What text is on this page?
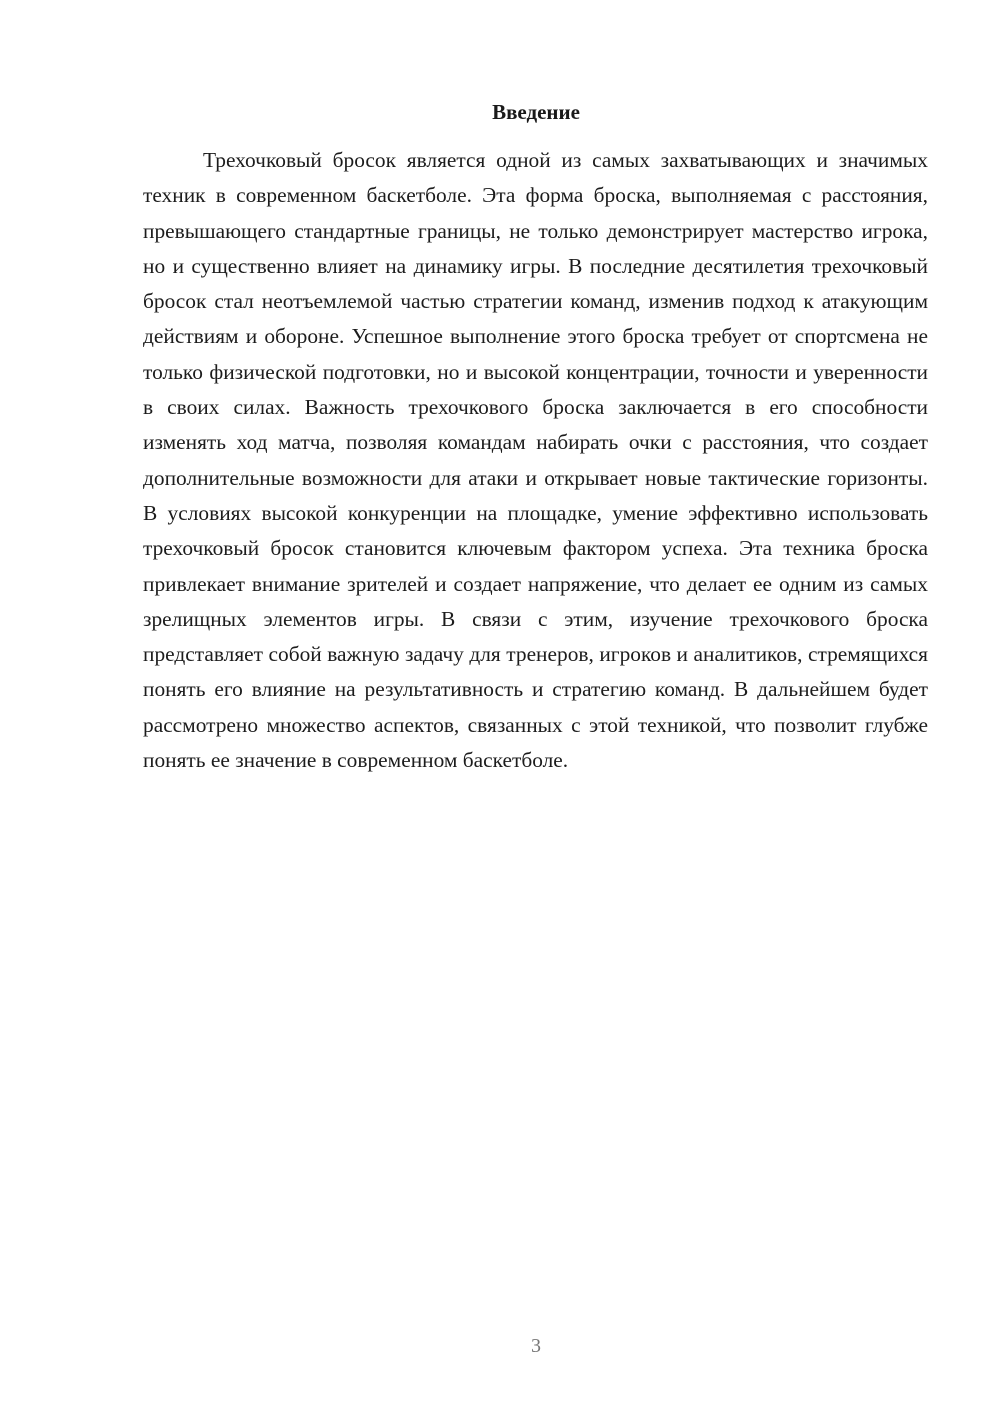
Введение

Трехочковый бросок является одной из самых захватывающих и значимых техник в современном баскетболе. Эта форма броска, выполняемая с расстояния, превышающего стандартные границы, не только демонстрирует мастерство игрока, но и существенно влияет на динамику игры. В последние десятилетия трехочковый бросок стал неотъемлемой частью стратегии команд, изменив подход к атакующим действиям и обороне. Успешное выполнение этого броска требует от спортсмена не только физической подготовки, но и высокой концентрации, точности и уверенности в своих силах. Важность трехочкового броска заключается в его способности изменять ход матча, позволяя командам набирать очки с расстояния, что создает дополнительные возможности для атаки и открывает новые тактические горизонты. В условиях высокой конкуренции на площадке, умение эффективно использовать трехочковый бросок становится ключевым фактором успеха. Эта техника броска привлекает внимание зрителей и создает напряжение, что делает ее одним из самых зрелищных элементов игры. В связи с этим, изучение трехочкового броска представляет собой важную задачу для тренеров, игроков и аналитиков, стремящихся понять его влияние на результативность и стратегию команд. В дальнейшем будет рассмотрено множество аспектов, связанных с этой техникой, что позволит глубже понять ее значение в современном баскетболе.

3
